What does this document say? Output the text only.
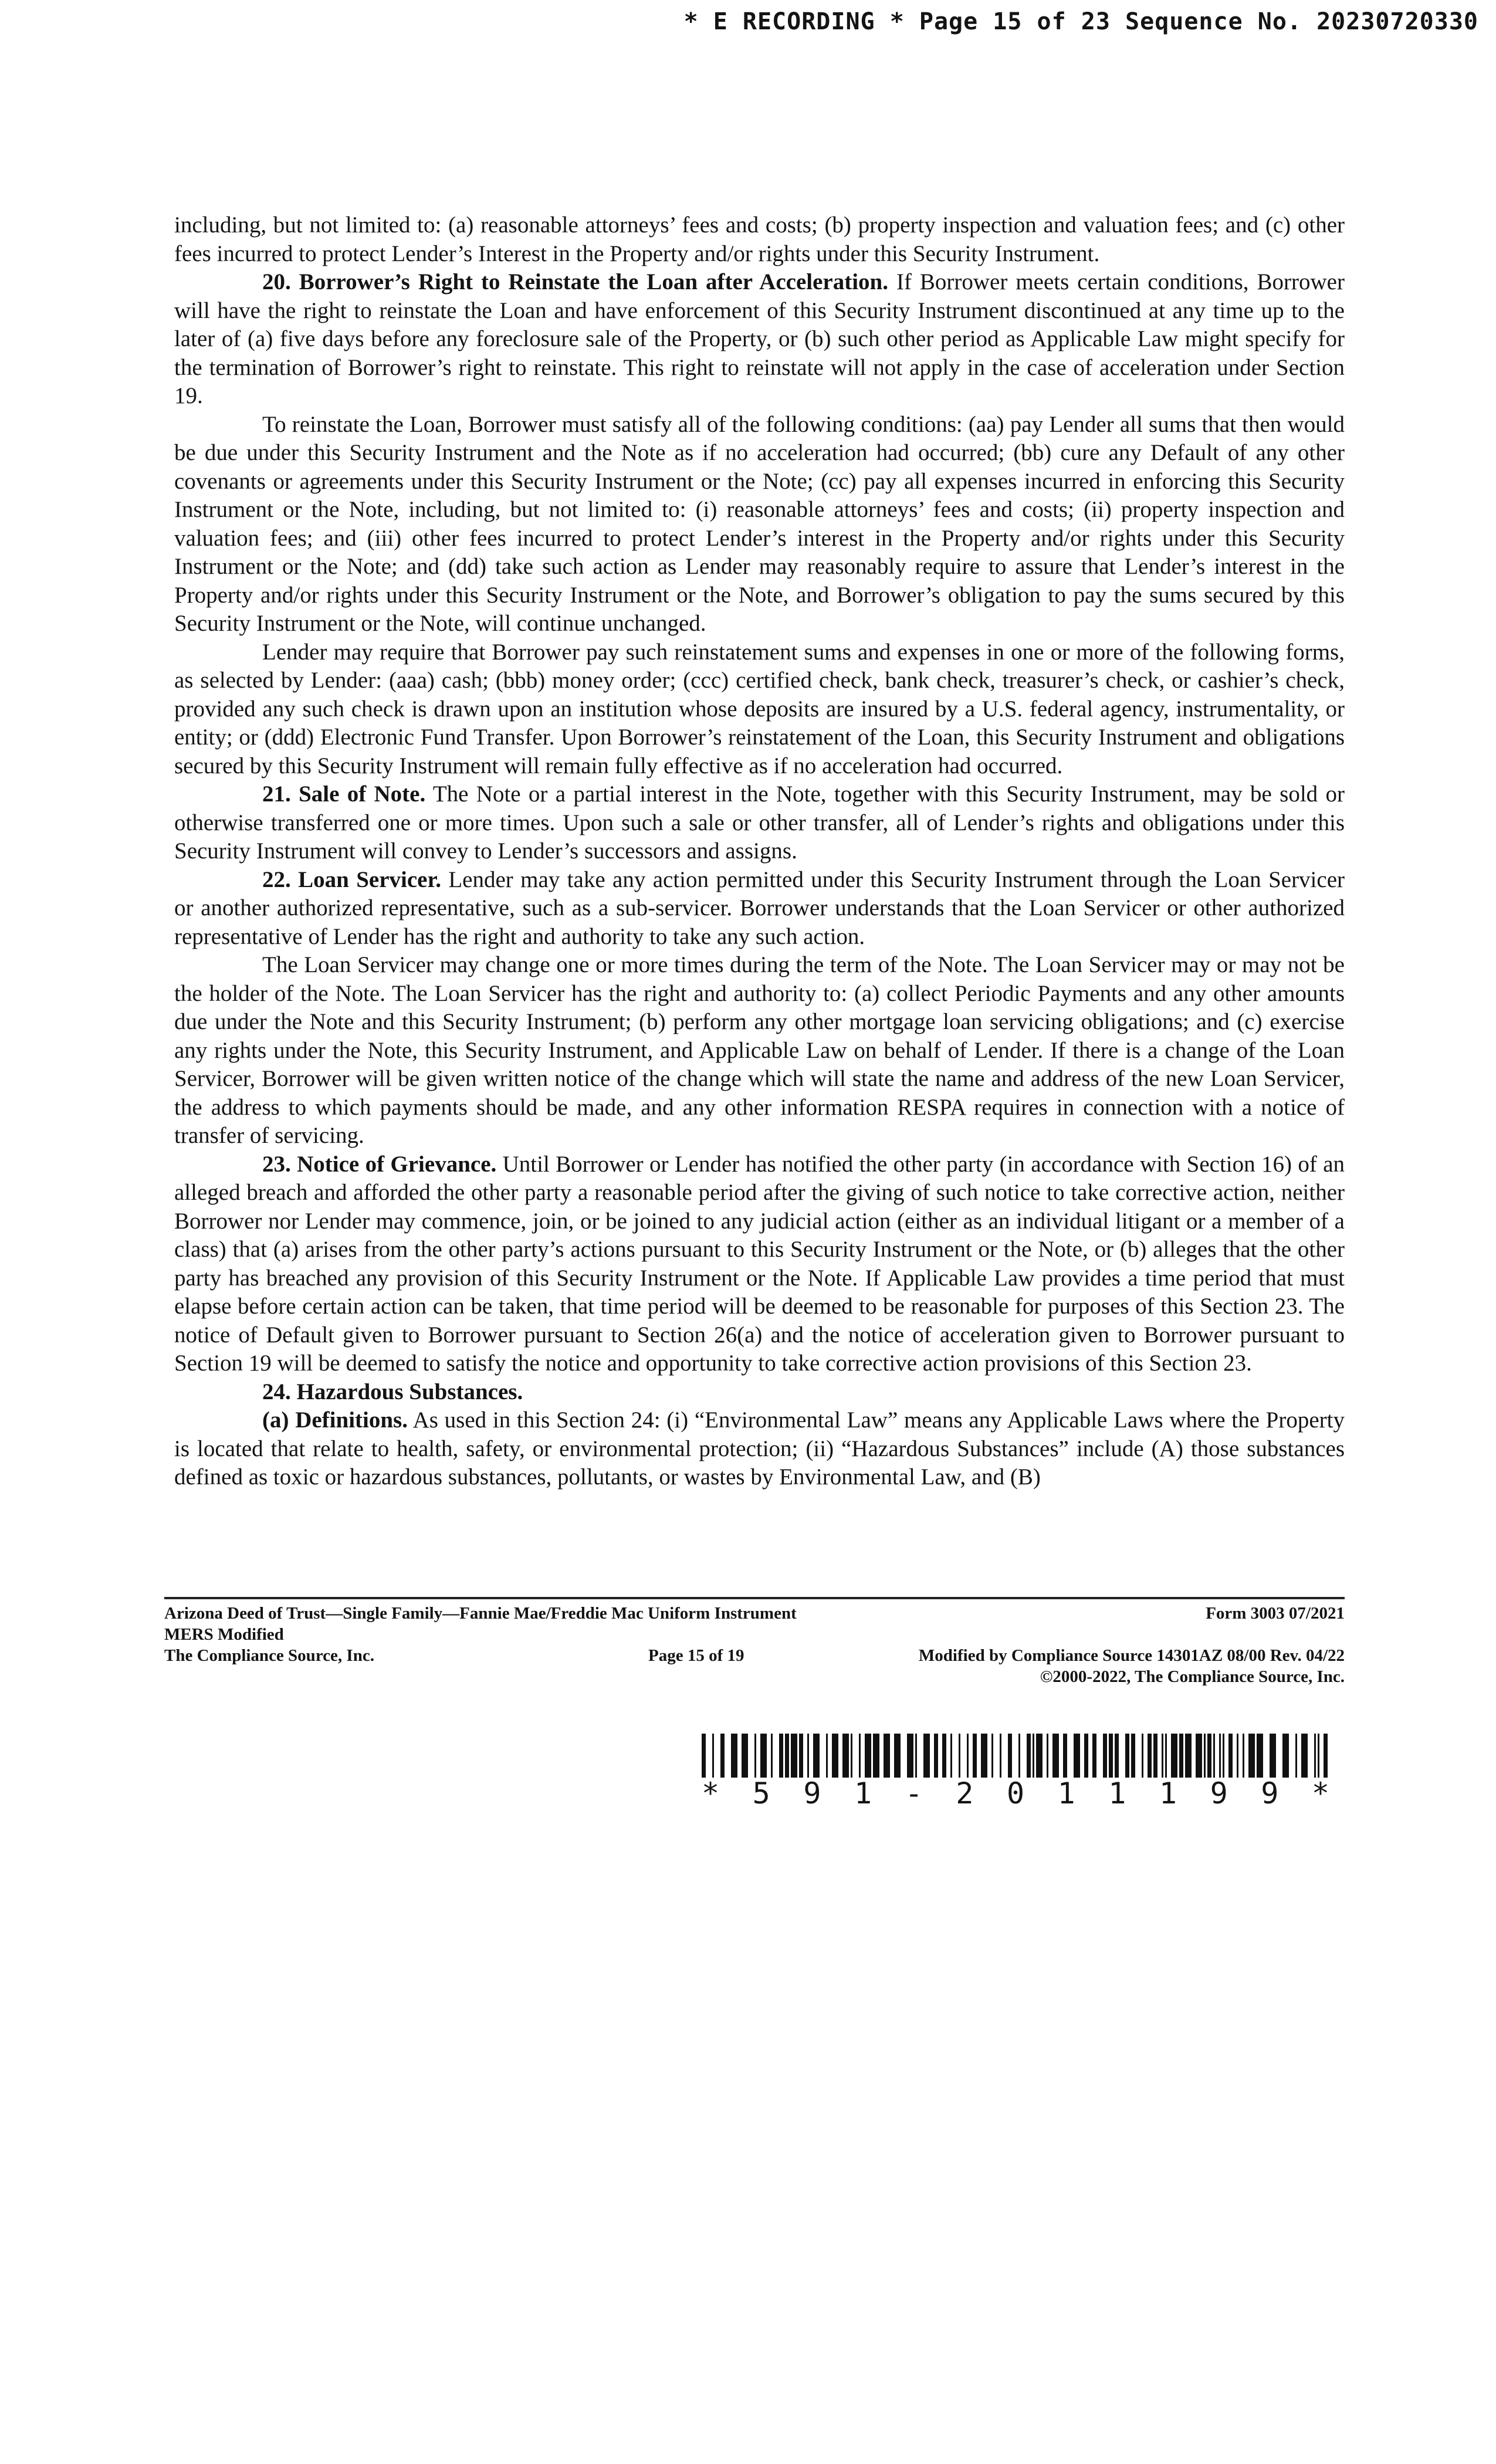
* E RECORDING * Page 15 of 23 Sequence No. 20230720330

including, but not limited to: (a) reasonable attorneys’ fees and costs; (b) property inspection and valuation fees; and (c) other fees incurred to protect Lender’s Interest in the Property and/or rights under this Security Instrument.

20. Borrower’s Right to Reinstate the Loan after Acceleration. If Borrower meets certain conditions, Borrower will have the right to reinstate the Loan and have enforcement of this Security Instrument discontinued at any time up to the later of (a) five days before any foreclosure sale of the Property, or (b) such other period as Applicable Law might specify for the termination of Borrower’s right to reinstate. This right to reinstate will not apply in the case of acceleration under Section 19.

To reinstate the Loan, Borrower must satisfy all of the following conditions: (aa) pay Lender all sums that then would be due under this Security Instrument and the Note as if no acceleration had occurred; (bb) cure any Default of any other covenants or agreements under this Security Instrument or the Note; (cc) pay all expenses incurred in enforcing this Security Instrument or the Note, including, but not limited to: (i) reasonable attorneys’ fees and costs; (ii) property inspection and valuation fees; and (iii) other fees incurred to protect Lender’s interest in the Property and/or rights under this Security Instrument or the Note; and (dd) take such action as Lender may reasonably require to assure that Lender’s interest in the Property and/or rights under this Security Instrument or the Note, and Borrower’s obligation to pay the sums secured by this Security Instrument or the Note, will continue unchanged.

Lender may require that Borrower pay such reinstatement sums and expenses in one or more of the following forms, as selected by Lender: (aaa) cash; (bbb) money order; (ccc) certified check, bank check, treasurer’s check, or cashier’s check, provided any such check is drawn upon an institution whose deposits are insured by a U.S. federal agency, instrumentality, or entity; or (ddd) Electronic Fund Transfer. Upon Borrower’s reinstatement of the Loan, this Security Instrument and obligations secured by this Security Instrument will remain fully effective as if no acceleration had occurred.

21. Sale of Note. The Note or a partial interest in the Note, together with this Security Instrument, may be sold or otherwise transferred one or more times. Upon such a sale or other transfer, all of Lender’s rights and obligations under this Security Instrument will convey to Lender’s successors and assigns.

22. Loan Servicer. Lender may take any action permitted under this Security Instrument through the Loan Servicer or another authorized representative, such as a sub-servicer. Borrower understands that the Loan Servicer or other authorized representative of Lender has the right and authority to take any such action.

The Loan Servicer may change one or more times during the term of the Note. The Loan Servicer may or may not be the holder of the Note. The Loan Servicer has the right and authority to: (a) collect Periodic Payments and any other amounts due under the Note and this Security Instrument; (b) perform any other mortgage loan servicing obligations; and (c) exercise any rights under the Note, this Security Instrument, and Applicable Law on behalf of Lender. If there is a change of the Loan Servicer, Borrower will be given written notice of the change which will state the name and address of the new Loan Servicer, the address to which payments should be made, and any other information RESPA requires in connection with a notice of transfer of servicing.

23. Notice of Grievance. Until Borrower or Lender has notified the other party (in accordance with Section 16) of an alleged breach and afforded the other party a reasonable period after the giving of such notice to take corrective action, neither Borrower nor Lender may commence, join, or be joined to any judicial action (either as an individual litigant or a member of a class) that (a) arises from the other party’s actions pursuant to this Security Instrument or the Note, or (b) alleges that the other party has breached any provision of this Security Instrument or the Note. If Applicable Law provides a time period that must elapse before certain action can be taken, that time period will be deemed to be reasonable for purposes of this Section 23. The notice of Default given to Borrower pursuant to Section 26(a) and the notice of acceleration given to Borrower pursuant to Section 19 will be deemed to satisfy the notice and opportunity to take corrective action provisions of this Section 23.

24. Hazardous Substances.

(a) Definitions. As used in this Section 24: (i) “Environmental Law” means any Applicable Laws where the Property is located that relate to health, safety, or environmental protection; (ii) “Hazardous Substances” include (A) those substances defined as toxic or hazardous substances, pollutants, or wastes by Environmental Law, and (B)

Arizona Deed of Trust—Single Family—Fannie Mae/Freddie Mac Uniform Instrument	Form 3003 07/2021
MERS Modified
The Compliance Source, Inc.	Page 15 of 19	Modified by Compliance Source 14301AZ 08/00 Rev. 04/22
©2000-2022, The Compliance Source, Inc.
* 5 9 1 - 2 0 1 1 1 9 9 *
